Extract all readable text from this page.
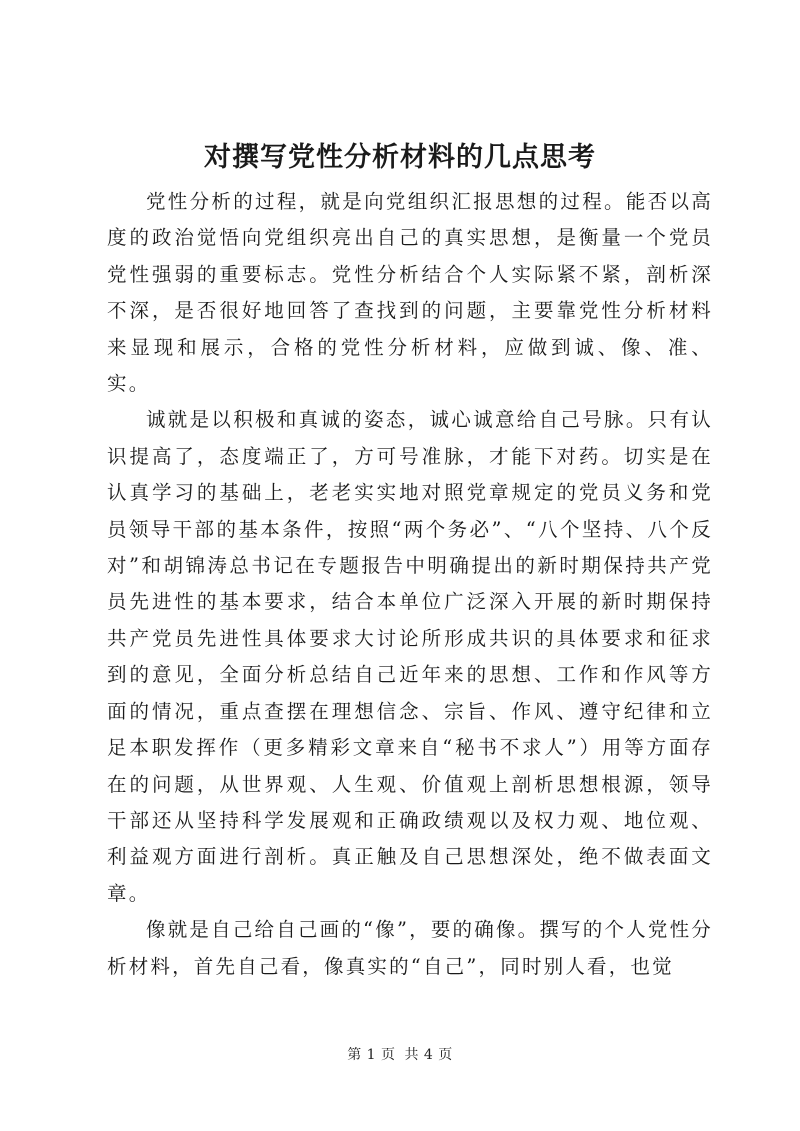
对撰写党性分析材料的几点思考

党性分析的过程，就是向党组织汇报思想的过程。能否以高度的政治觉悟向党组织亮出自己的真实思想，是衡量一个党员党性强弱的重要标志。党性分析结合个人实际紧不紧，剖析深不深，是否很好地回答了查找到的问题，主要靠党性分析材料来显现和展示，合格的党性分析材料，应做到诚、像、准、实。

诚就是以积极和真诚的姿态，诚心诚意给自己号脉。只有认识提高了，态度端正了，方可号准脉，才能下对药。切实是在认真学习的基础上，老老实实地对照党章规定的党员义务和党员领导干部的基本条件，按照“两个务必”、“八个坚持、八个反对”和胡锦涛总书记在专题报告中明确提出的新时期保持共产党员先进性的基本要求，结合本单位广泛深入开展的新时期保持共产党员先进性具体要求大讨论所形成共识的具体要求和征求到的意见，全面分析总结自己近年来的思想、工作和作风等方面的情况，重点查摆在理想信念、宗旨、作风、遵守纪律和立足本职发挥作（更多精彩文章来自“秘书不求人”）用等方面存在的问题，从世界观、人生观、价值观上剖析思想根源，领导干部还从坚持科学发展观和正确政绩观以及权力观、地位观、利益观方面进行剖析。真正触及自己思想深处，绝不做表面文章。

像就是自己给自己画的“像”，要的确像。撰写的个人党性分析材料，首先自己看，像真实的“自己”，同时别人看，也觉

第 1 页 共 4 页
